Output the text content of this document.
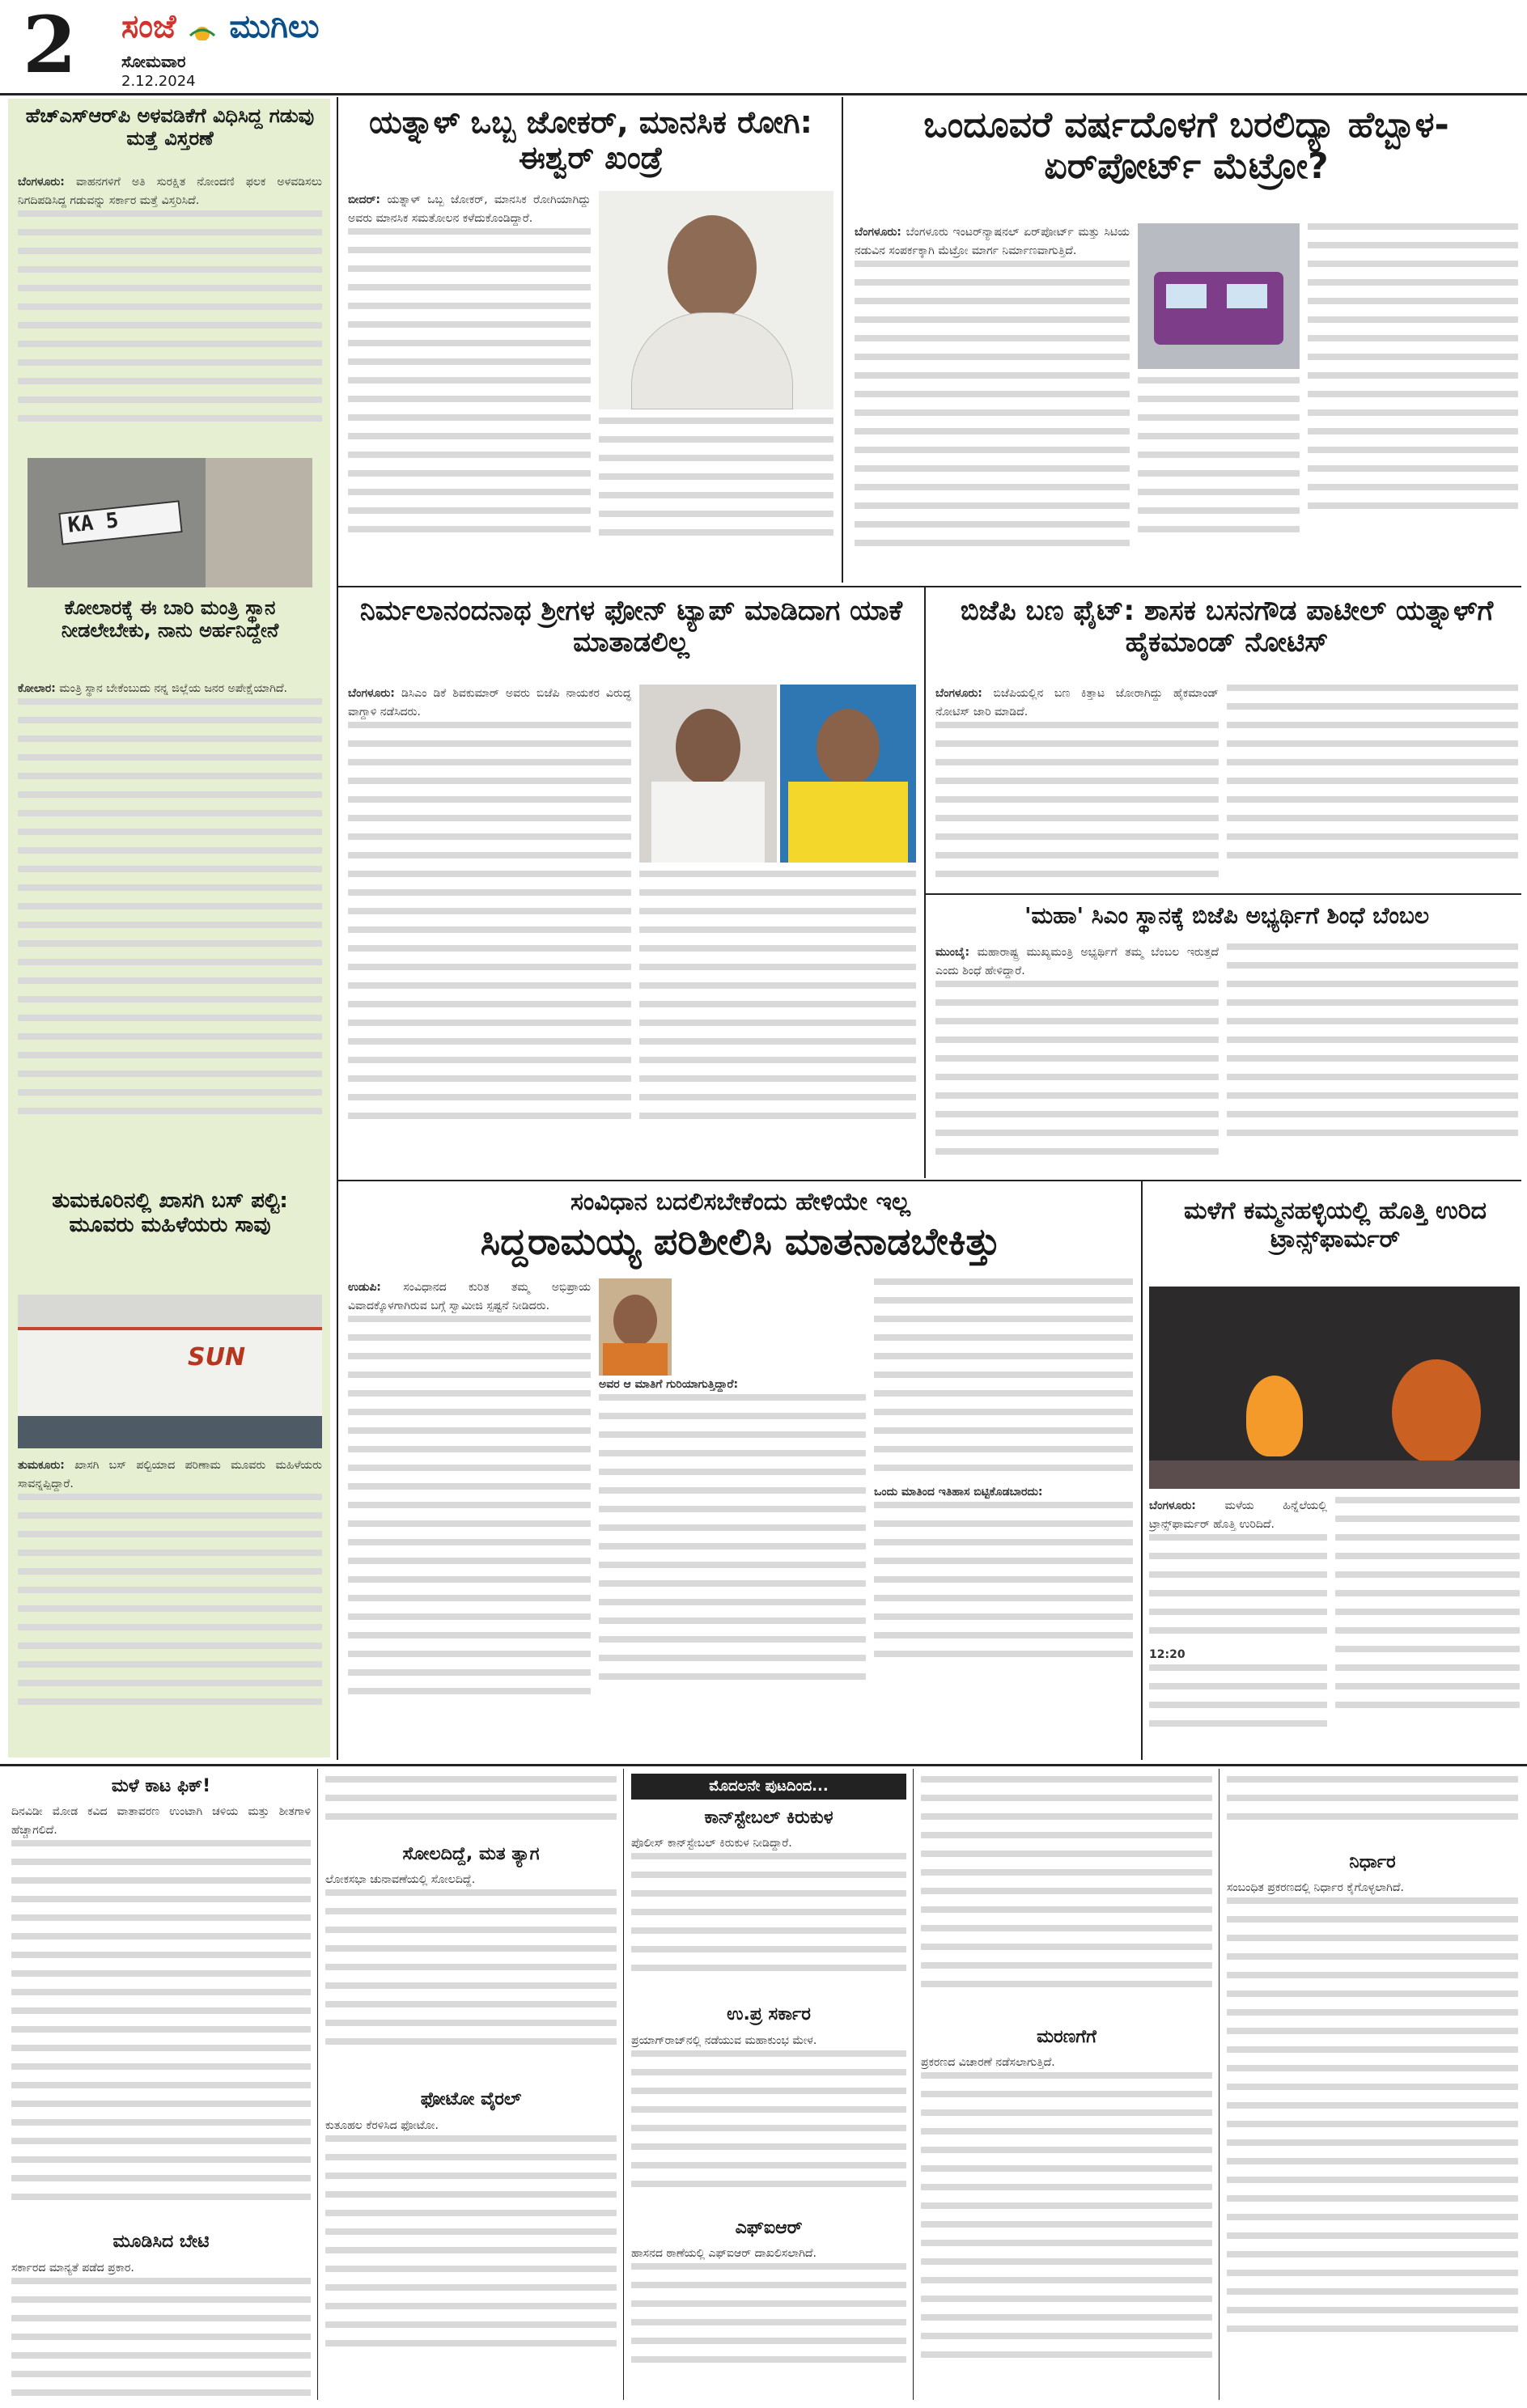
2 ಸಂಜೆ ಮುಗಿಲು
ಸೋಮವಾರ
2.12.2024
ಹೆಚ್‌ಎಸ್‌ಆರ್‌ಪಿ ಅಳವಡಿಕೆಗೆ ವಿಧಿಸಿದ್ದ ಗಡುವು ಮತ್ತೆ ವಿಸ್ತರಣೆ
ಬೆಂಗಳೂರು: ವಾಹನಗಳಿಗೆ ಅತಿ ಸುರಕ್ಷಿತ ನೋಂದಣಿ ಫಲಕ ಅಳವಡಿಸಲು ನಿಗದಿಪಡಿಸಿದ್ದ ಗಡುವನ್ನು ಸರ್ಕಾರ ಮತ್ತೆ ವಿಸ್ತರಿಸಿದೆ.
KA 5
ಕೋಲಾರಕ್ಕೆ ಈ ಬಾರಿ ಮಂತ್ರಿ ಸ್ಥಾನ ನೀಡಲೇಬೇಕು, ನಾನು ಅರ್ಹನಿದ್ದೇನೆ
ಕೋಲಾರ: ಮಂತ್ರಿ ಸ್ಥಾನ ಬೇಕೆಂಬುದು ನನ್ನ ಜಿಲ್ಲೆಯ ಜನರ ಅಪೇಕ್ಷೆಯಾಗಿದೆ.
ತುಮಕೂರಿನಲ್ಲಿ ಖಾಸಗಿ ಬಸ್ ಪಲ್ಟಿ: ಮೂವರು ಮಹಿಳೆಯರು ಸಾವು
SUN
ತುಮಕೂರು: ಖಾಸಗಿ ಬಸ್ ಪಲ್ಟಿಯಾದ ಪರಿಣಾಮ ಮೂವರು ಮಹಿಳೆಯರು ಸಾವನ್ನಪ್ಪಿದ್ದಾರೆ.
ಯತ್ನಾಳ್ ಒಬ್ಬ ಜೋಕರ್, ಮಾನಸಿಕ ರೋಗಿ: ಈಶ್ವರ್ ಖಂಡ್ರೆ
ಬೀದರ್: ಯತ್ನಾಳ್ ಒಬ್ಬ ಜೋಕರ್, ಮಾನಸಿಕ ರೋಗಿಯಾಗಿದ್ದು ಅವರು ಮಾನಸಿಕ ಸಮತೋಲನ ಕಳೆದುಕೊಂಡಿದ್ದಾರೆ.
ಒಂದೂವರೆ ವರ್ಷದೊಳಗೆ ಬರಲಿದ್ಯಾ ಹೆಬ್ಬಾಳ-ಏರ್‌ಪೋರ್ಟ್ ಮೆಟ್ರೋ?
ಬೆಂಗಳೂರು: ಬೆಂಗಳೂರು ಇಂಟರ್‌ನ್ಯಾಷನಲ್ ಏರ್‌ಪೋರ್ಟ್ ಮತ್ತು ಸಿಟಿಯ ನಡುವಿನ ಸಂಪರ್ಕಕ್ಕಾಗಿ ಮೆಟ್ರೋ ಮಾರ್ಗ ನಿರ್ಮಾಣವಾಗುತ್ತಿದೆ.
ನಿರ್ಮಲಾನಂದನಾಥ ಶ್ರೀಗಳ ಫೋನ್ ಟ್ಯಾಪ್ ಮಾಡಿದಾಗ ಯಾಕೆ ಮಾತಾಡಲಿಲ್ಲ
ಬೆಂಗಳೂರು: ಡಿಸಿಎಂ ಡಿಕೆ ಶಿವಕುಮಾರ್ ಅವರು ಬಿಜೆಪಿ ನಾಯಕರ ವಿರುದ್ಧ ವಾಗ್ದಾಳಿ ನಡೆಸಿದರು.
ಬಿಜೆಪಿ ಬಣ ಫೈಟ್: ಶಾಸಕ ಬಸನಗೌಡ ಪಾಟೀಲ್ ಯತ್ನಾಳ್‌ಗೆ ಹೈಕಮಾಂಡ್ ನೋಟಿಸ್
ಬೆಂಗಳೂರು: ಬಿಜೆಪಿಯಲ್ಲಿನ ಬಣ ಕಿತ್ತಾಟ ಜೋರಾಗಿದ್ದು ಹೈಕಮಾಂಡ್ ನೋಟಿಸ್ ಜಾರಿ ಮಾಡಿದೆ.
'ಮಹಾ' ಸಿಎಂ ಸ್ಥಾನಕ್ಕೆ ಬಿಜೆಪಿ ಅಭ್ಯರ್ಥಿಗೆ ಶಿಂಧೆ ಬೆಂಬಲ
ಮುಂಬೈ: ಮಹಾರಾಷ್ಟ್ರ ಮುಖ್ಯಮಂತ್ರಿ ಅಭ್ಯರ್ಥಿಗೆ ತಮ್ಮ ಬೆಂಬಲ ಇರುತ್ತದೆ ಎಂದು ಶಿಂಧೆ ಹೇಳಿದ್ದಾರೆ.
ಸಂವಿಧಾನ ಬದಲಿಸಬೇಕೆಂದು ಹೇಳಿಯೇ ಇಲ್ಲ
ಸಿದ್ದರಾಮಯ್ಯ ಪರಿಶೀಲಿಸಿ ಮಾತನಾಡಬೇಕಿತ್ತು
ಉಡುಪಿ: ಸಂವಿಧಾನದ ಕುರಿತ ತಮ್ಮ ಅಭಿಪ್ರಾಯ ವಿವಾದಕ್ಕೊಳಗಾಗಿರುವ ಬಗ್ಗೆ ಸ್ವಾಮೀಜಿ ಸ್ಪಷ್ಟನೆ ನೀಡಿದರು.
ಅವರ ಆ ಮಾತಿಗೆ ಗುರಿಯಾಗುತ್ತಿದ್ದಾರೆ:
ಒಂದು ಮಾತಿಂದ ಇತಿಹಾಸ ಬಿಟ್ಟಿಕೊಡಬಾರದು:
ಮಳೆಗೆ ಕಮ್ಮನಹಳ್ಳಿಯಲ್ಲಿ ಹೊತ್ತಿ ಉರಿದ ಟ್ರಾನ್ಸ್‌ಫಾರ್ಮರ್
ಬೆಂಗಳೂರು:	ಮಳೆಯ ಹಿನ್ನೆಲೆಯಲ್ಲಿ ಟ್ರಾನ್ಸ್‌ಫಾರ್ಮರ್ ಹೊತ್ತಿ ಉರಿದಿದೆ.
12:20
ಮಳೆ ಕಾಟ ಫಿಕ್!
ದಿನವಿಡೀ ಮೋಡ ಕವಿದ ವಾತಾವರಣ ಉಂಟಾಗಿ ಚಳಿಯ ಮತ್ತು ಶೀತಗಾಳಿ ಹೆಚ್ಚಾಗಲಿದೆ.
ಮೂಡಿಸಿದ ಬೇಟಿ
ಸರ್ಕಾರದ ಮಾನ್ಯತೆ ಪಡೆದ ಪ್ರಕಾರ.
ಸೋಲದಿದ್ದೆ, ಮತ ತ್ಯಾಗ
ಲೋಕಸಭಾ ಚುನಾವಣೆಯಲ್ಲಿ ಸೋಲದಿದ್ದೆ.
ಫೋಟೋ ವೈರಲ್
ಕುತೂಹಲ ಕೆರಳಿಸಿದ ಫೋಟೋ.
ಮೊದಲನೇ ಪುಟದಿಂದ...
ಕಾನ್‌ಸ್ಟೇಬಲ್ ಕಿರುಕುಳ
ಪೊಲೀಸ್ ಕಾನ್‌ಸ್ಟೇಬಲ್ ಕಿರುಕುಳ ನೀಡಿದ್ದಾರೆ.
ಉ.ಪ್ರ ಸರ್ಕಾರ
ಪ್ರಯಾಗ್‌ರಾಜ್‌ನಲ್ಲಿ ನಡೆಯುವ ಮಹಾಕುಂಭ ಮೇಳ.
ಎಫ್‌ಐಆರ್
ಹಾಸನದ ಠಾಣೆಯಲ್ಲಿ ಎಫ್‌ಐಆರ್ ದಾಖಲಿಸಲಾಗಿದೆ.
ಮರಣಗೆಗೆ
ಪ್ರಕರಣದ ವಿಚಾರಣೆ ನಡೆಸಲಾಗುತ್ತಿದೆ.
ನಿರ್ಧಾರ
ಸಂಬಂಧಿತ ಪ್ರಕರಣದಲ್ಲಿ ನಿರ್ಧಾರ ಕೈಗೊಳ್ಳಲಾಗಿದೆ.
